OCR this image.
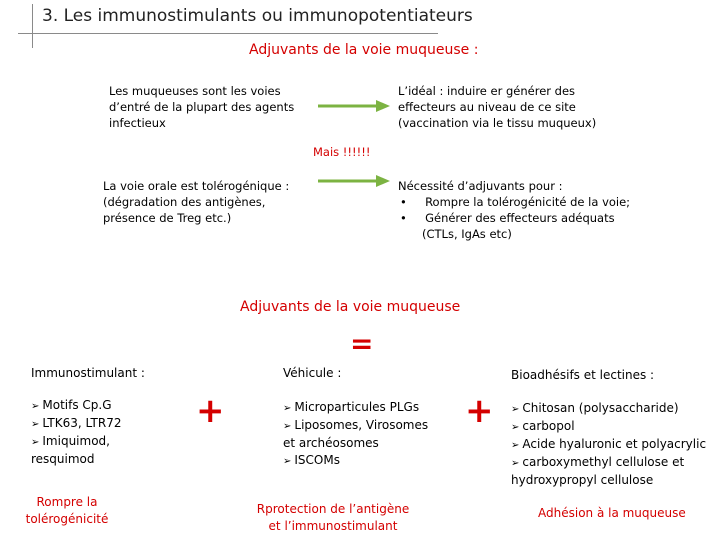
3. Les immunostimulants ou immunopotentiateurs
Adjuvants de la voie muqueuse :
Les muqueuses sont les voies
d’entré de la plupart des agents
infectieux
L’idéal : induire er générer des
effecteurs au niveau de ce site
(vaccination via le tissu muqueux)
Mais !!!!!!
La voie orale est tolérogénique :
(dégradation des antigènes,
présence de Treg etc.)
Nécessité d’adjuvants pour :
• Rompre la tolérogénicité de la voie;
• Générer des effecteurs adéquats
(CTLs, IgAs etc)
Adjuvants de la voie muqueuse
=
Immunostimulant :
➢ Motifs Cp.G
➢ LTK63, LTR72
➢ Imiquimod,
resquimod
Rompre la
tolérogénicité
+
Véhicule :
➢ Microparticules PLGs
➢ Liposomes, Virosomes
et archéosomes
➢ ISCOMs
Rprotection de l’antigène
et l’immunostimulant
+
Bioadhésifs et lectines :
➢ Chitosan (polysaccharide)
➢ carbopol
➢ Acide hyaluronic et polyacrylic
➢ carboxymethyl cellulose et
hydroxypropyl cellulose
Adhésion à la muqueuse
